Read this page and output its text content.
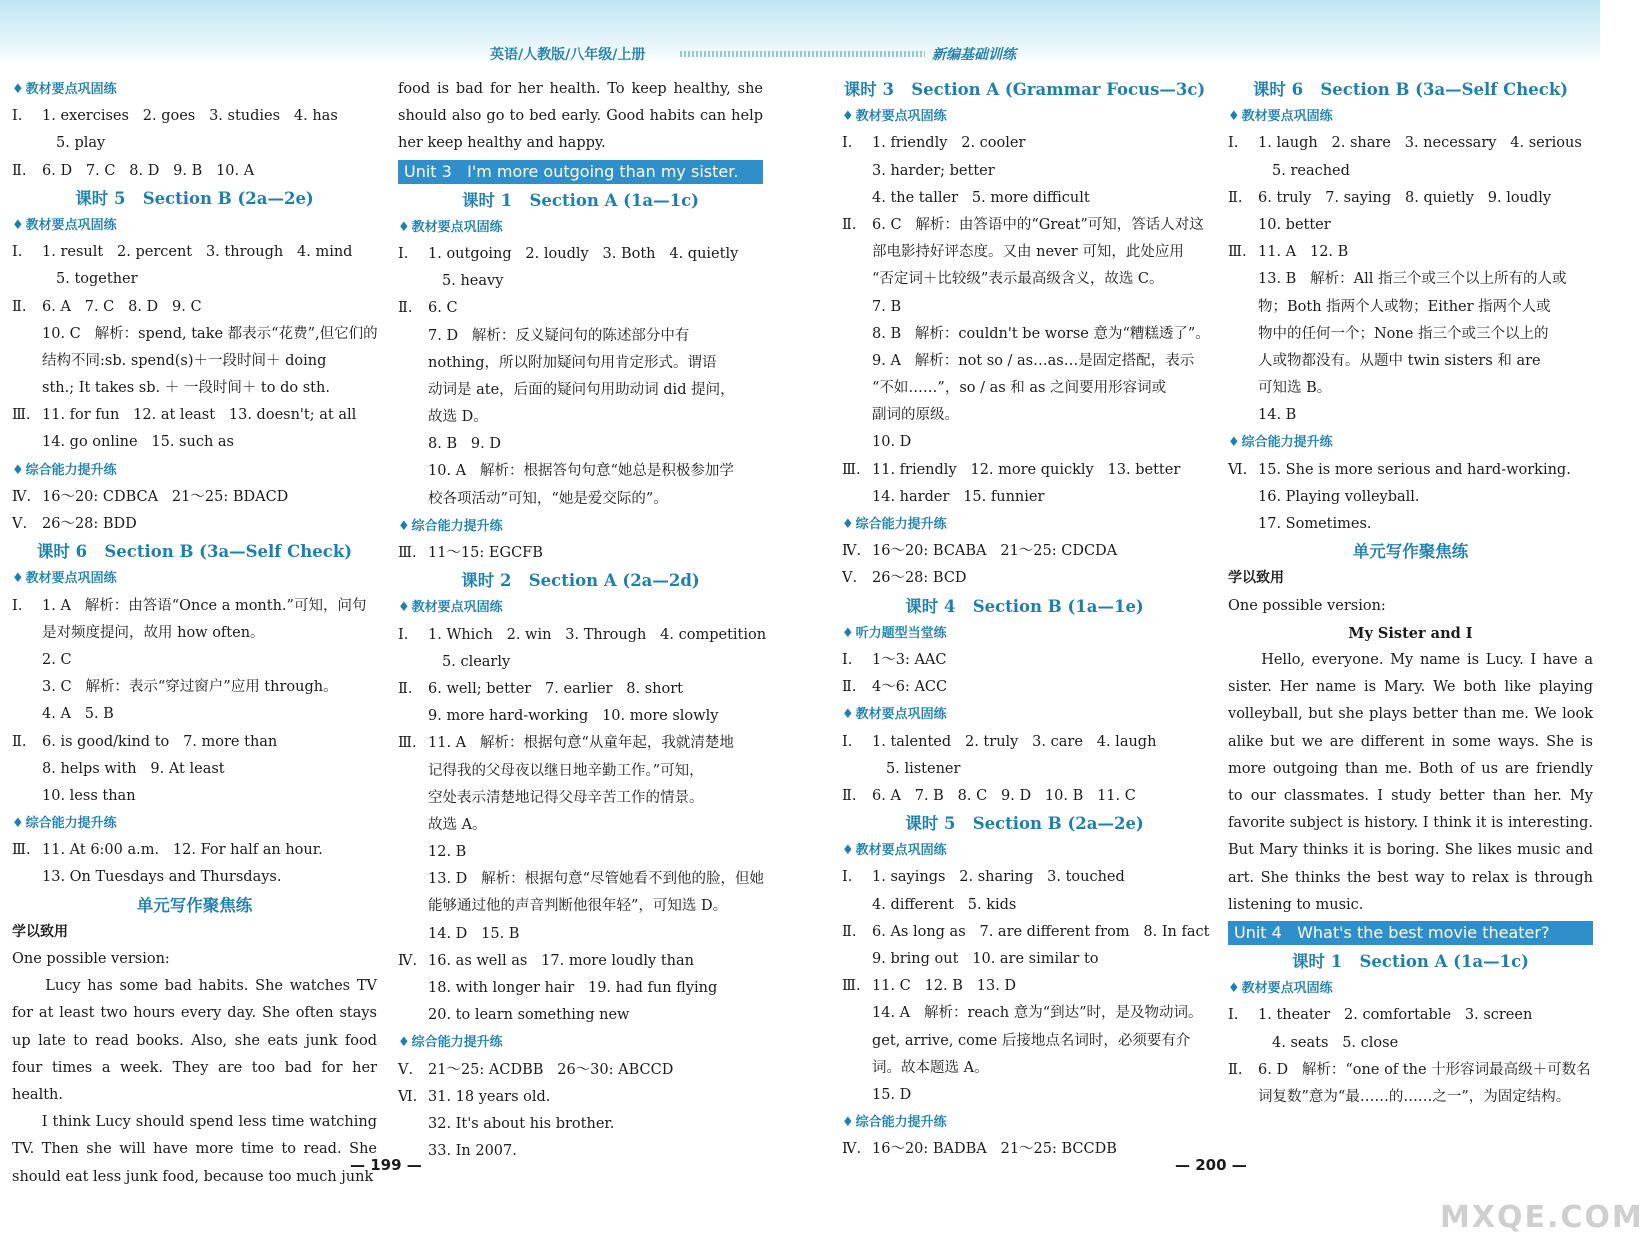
英语/人教版/八年级/上册	新编基础训练
♦ 教材要点巩固练
Ⅰ. 1. exercises   2. goes   3. studies   4. has
5. play
Ⅱ. 6. D   7. C   8. D   9. B   10. A
课时 5   Section B (2a—2e)
♦ 教材要点巩固练
Ⅰ. 1. result   2. percent   3. through   4. mind
5. together
Ⅱ. 6. A   7. C   8. D   9. C
10. C   解析：spend, take 都表示“花费”,但它们的
结构不同:sb. spend(s)＋一段时间＋ doing
sth.; It takes sb. ＋ 一段时间＋ to do sth.
Ⅲ. 11. for fun   12. at least   13. doesn't; at all
14. go online   15. such as
♦ 综合能力提升练
Ⅳ. 16～20: CDBCA   21～25: BDACD
Ⅴ. 26～28: BDD
课时 6   Section B (3a—Self Check)
♦ 教材要点巩固练
Ⅰ. 1. A   解析：由答语“Once a month.”可知，问句
是对频度提问，故用 how often。
2. C
3. C   解析：表示“穿过窗户”应用 through。
4. A   5. B
Ⅱ. 6. is good/kind to   7. more than
8. helps with   9. At least
10. less than
♦ 综合能力提升练
Ⅲ. 11. At 6:00 a.m.   12. For half an hour.
13. On Tuesdays and Thursdays.
单元写作聚焦练
学以致用
One possible version:
　　Lucy has some bad habits. She watches TV for at least two hours every day. She often stays up late to read books. Also, she eats junk food four times a week. They are too bad for her health.
　　I think Lucy should spend less time watching TV. Then she will have more time to read. She should eat less junk food, because too much junk
food is bad for her health. To keep healthy, she should also go to bed early. Good habits can help her keep healthy and happy.
Unit 3   I'm more outgoing than my sister.
课时 1   Section A (1a—1c)
♦ 教材要点巩固练
Ⅰ. 1. outgoing   2. loudly   3. Both   4. quietly
5. heavy
Ⅱ. 6. C
7. D   解析：反义疑问句的陈述部分中有
nothing，所以附加疑问句用肯定形式。谓语
动词是 ate，后面的疑问句用助动词 did 提问，
故选 D。
8. B   9. D
10. A   解析：根据答句句意“她总是积极参加学
校各项活动”可知，“她是爱交际的”。
♦ 综合能力提升练
Ⅲ. 11～15: EGCFB
课时 2   Section A (2a—2d)
♦ 教材要点巩固练
Ⅰ. 1. Which   2. win   3. Through   4. competition
5. clearly
Ⅱ. 6. well; better   7. earlier   8. short
9. more hard-working   10. more slowly
Ⅲ. 11. A   解析：根据句意“从童年起，我就清楚地
记得我的父母夜以继日地辛勤工作。”可知，
空处表示清楚地记得父母辛苦工作的情景。
故选 A。
12. B
13. D   解析：根据句意“尽管她看不到他的脸，但她
能够通过他的声音判断他很年轻”，可知选 D。
14. D   15. B
Ⅳ. 16. as well as   17. more loudly than
18. with longer hair   19. had fun flying
20. to learn something new
♦ 综合能力提升练
Ⅴ. 21～25: ACDBB   26～30: ABCCD
Ⅵ. 31. 18 years old.
32. It's about his brother.
33. In 2007.
课时 3   Section A (Grammar Focus—3c)
♦ 教材要点巩固练
Ⅰ. 1. friendly   2. cooler
3. harder; better
4. the taller   5. more difficult
Ⅱ. 6. C   解析：由答语中的“Great”可知，答话人对这
部电影持好评态度。又由 never 可知，此处应用
“否定词＋比较级”表示最高级含义，故选 C。
7. B
8. B   解析：couldn't be worse 意为“糟糕透了”。
9. A   解析：not so / as…as…是固定搭配，表示
“不如……”，so / as 和 as 之间要用形容词或
副词的原级。
10. D
Ⅲ. 11. friendly   12. more quickly   13. better
14. harder   15. funnier
♦ 综合能力提升练
Ⅳ. 16～20: BCABA   21～25: CDCDA
Ⅴ. 26～28: BCD
课时 4   Section B (1a—1e)
♦ 听力题型当堂练
Ⅰ. 1～3: AAC
Ⅱ. 4～6: ACC
♦ 教材要点巩固练
Ⅰ. 1. talented   2. truly   3. care   4. laugh
5. listener
Ⅱ. 6. A   7. B   8. C   9. D   10. B   11. C
课时 5   Section B (2a—2e)
♦ 教材要点巩固练
Ⅰ. 1. sayings   2. sharing   3. touched
4. different   5. kids
Ⅱ. 6. As long as   7. are different from   8. In fact
9. bring out   10. are similar to
Ⅲ. 11. C   12. B   13. D
14. A   解析：reach 意为“到达”时，是及物动词。
get, arrive, come 后接地点名词时，必须要有介
词。故本题选 A。
15. D
♦ 综合能力提升练
Ⅳ. 16～20: BADBA   21～25: BCCDB
课时 6   Section B (3a—Self Check)
♦ 教材要点巩固练
Ⅰ. 1. laugh   2. share   3. necessary   4. serious
5. reached
Ⅱ. 6. truly   7. saying   8. quietly   9. loudly
10. better
Ⅲ. 11. A   12. B
13. B   解析：All 指三个或三个以上所有的人或
物；Both 指两个人或物；Either 指两个人或
物中的任何一个；None 指三个或三个以上的
人或物都没有。从题中 twin sisters 和 are
可知选 B。
14. B
♦ 综合能力提升练
Ⅵ. 15. She is more serious and hard-working.
16. Playing volleyball.
17. Sometimes.
单元写作聚焦练
学以致用
One possible version:
My Sister and I
　　Hello, everyone. My name is Lucy. I have a sister. Her name is Mary. We both like playing volleyball, but she plays better than me. We look alike but we are different in some ways. She is more outgoing than me. Both of us are friendly to our classmates. I study better than her. My favorite subject is history. I think it is interesting. But Mary thinks it is boring. She likes music and art. She thinks the best way to relax is through listening to music.
Unit 4   What's the best movie theater?
课时 1   Section A (1a—1c)
♦ 教材要点巩固练
Ⅰ. 1. theater   2. comfortable   3. screen
4. seats   5. close
Ⅱ. 6. D   解析：“one of the 十形容词最高级＋可数名
词复数”意为“最……的……之一”，为固定结构。
— 199 —	— 200 —
MXQE.COM
